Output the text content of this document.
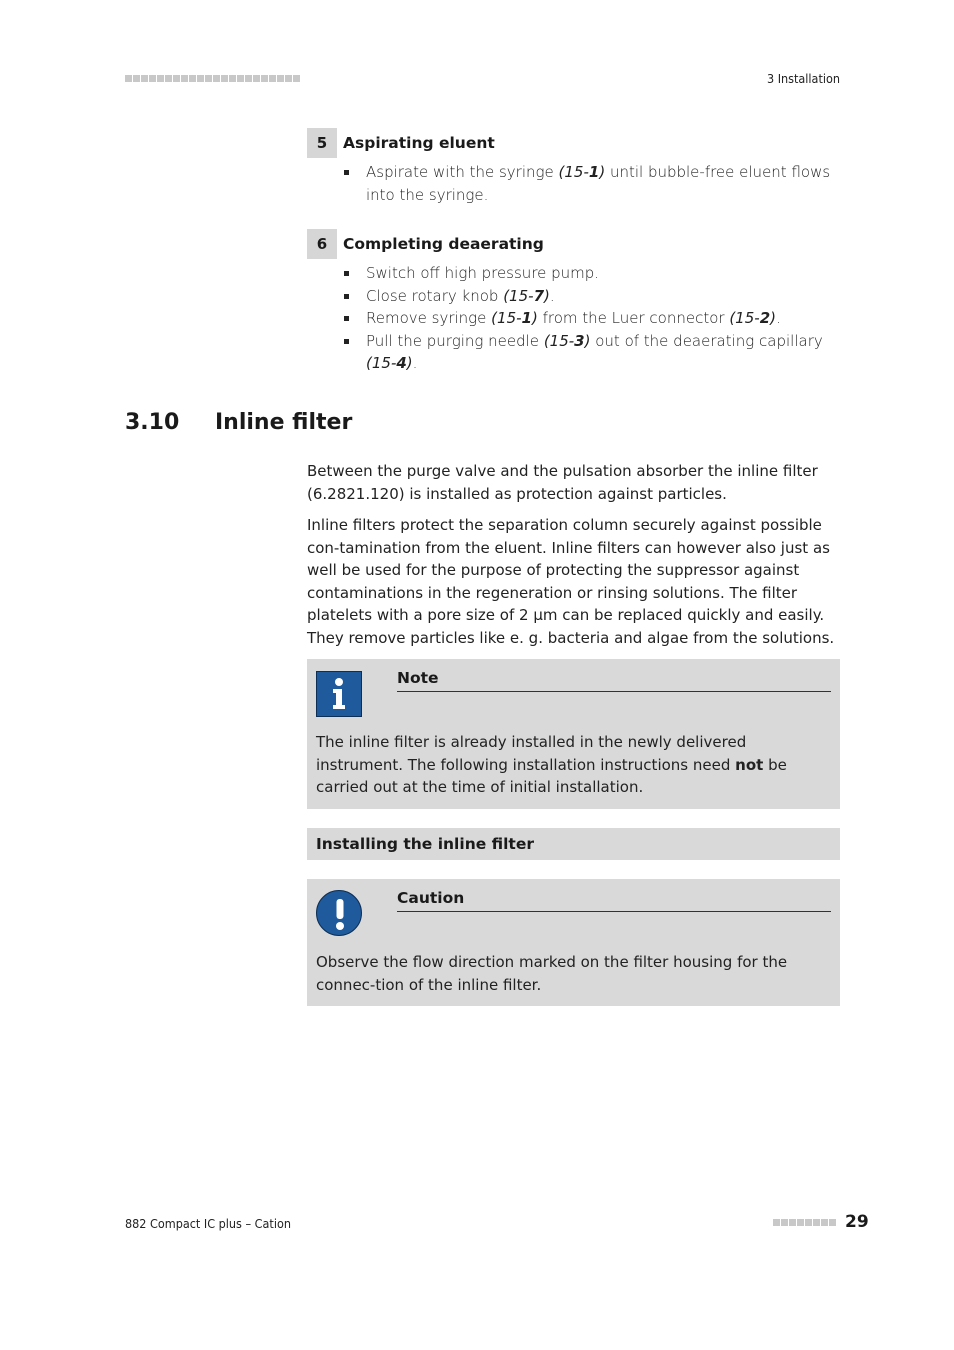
3 Installation
5	Aspirating eluent
Aspirate with the syringe (15-1) until bubble-free eluent flows into the syringe.
6	Completing deaerating
Switch off high pressure pump.
Close rotary knob (15-7).
Remove syringe (15-1) from the Luer connector (15-2).
Pull the purging needle (15-3) out of the deaerating capillary (15-4).
3.10 Inline filter
Between the purge valve and the pulsation absorber the inline filter (6.2821.120) is installed as protection against particles.
Inline filters protect the separation column securely against possible con-tamination from the eluent. Inline filters can however also just as well be used for the purpose of protecting the suppressor against contaminations in the regeneration or rinsing solutions. The filter platelets with a pore size of 2 µm can be replaced quickly and easily. They remove particles like e. g. bacteria and algae from the solutions.
Note
The inline filter is already installed in the newly delivered instrument. The following installation instructions need not be carried out at the time of initial installation.
Installing the inline filter
Caution
Observe the flow direction marked on the filter housing for the connec-tion of the inline filter.
882 Compact IC plus – Cation	29
